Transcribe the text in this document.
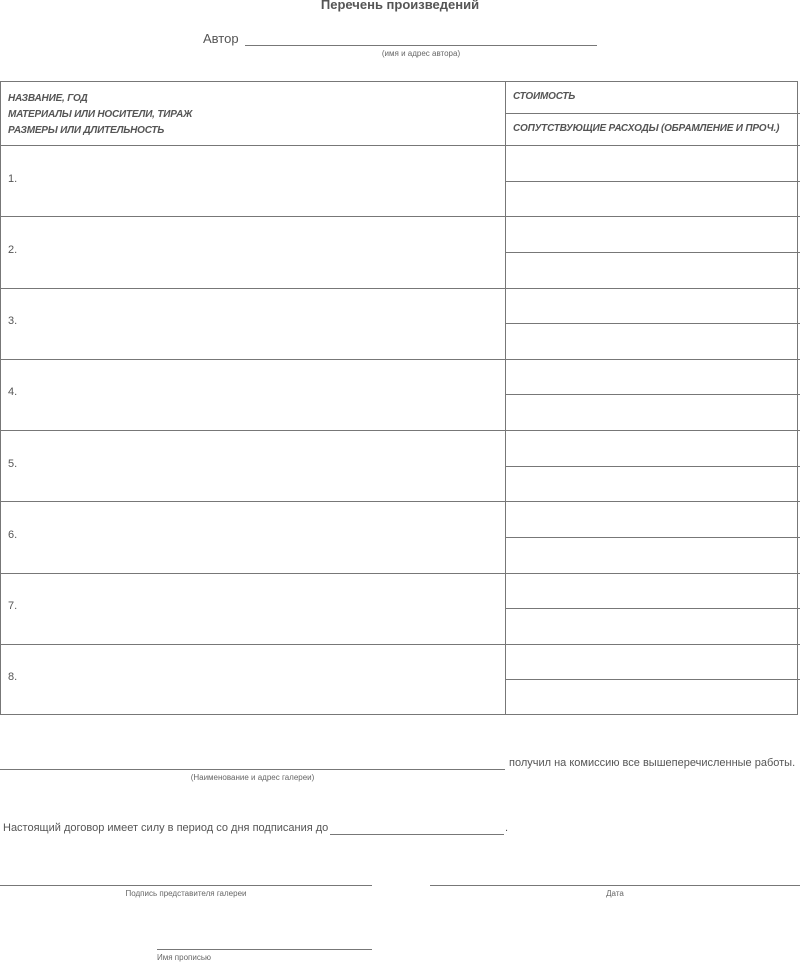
Перечень произведений
Автор
(имя и адрес автора)
НАЗВАНИЕ, ГОД
МАТЕРИАЛЫ ИЛИ НОСИТЕЛИ, ТИРАЖ
РАЗМЕРЫ ИЛИ ДЛИТЕЛЬНОСТЬ
СТОИМОСТЬ
СОПУТСТВУЮЩИЕ РАСХОДЫ (ОБРАМЛЕНИЕ И ПРОЧ.)
1.
2.
3.
4.
5.
6.
7.
8.
получил на комиссию все вышеперечисленные работы.
(Наименование и адрес галереи)
Настоящий договор имеет силу в период со дня подписания до	.
Подпись представителя галереи	Дата
Имя прописью
